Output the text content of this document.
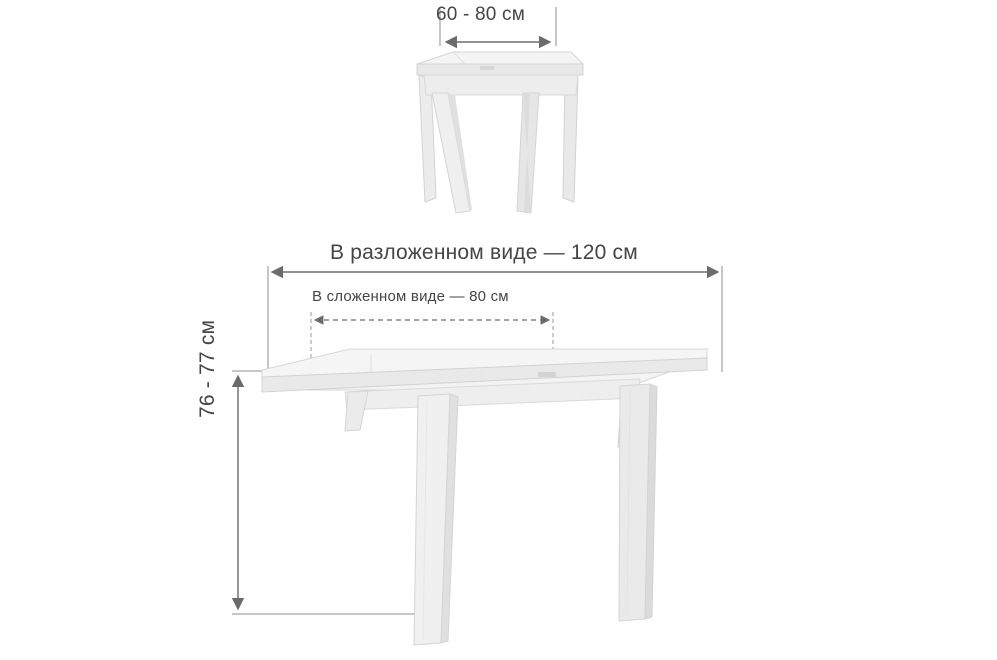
60 - 80 см
В разложенном виде — 120 см
В сложенном виде — 80 см
76 - 77 см
